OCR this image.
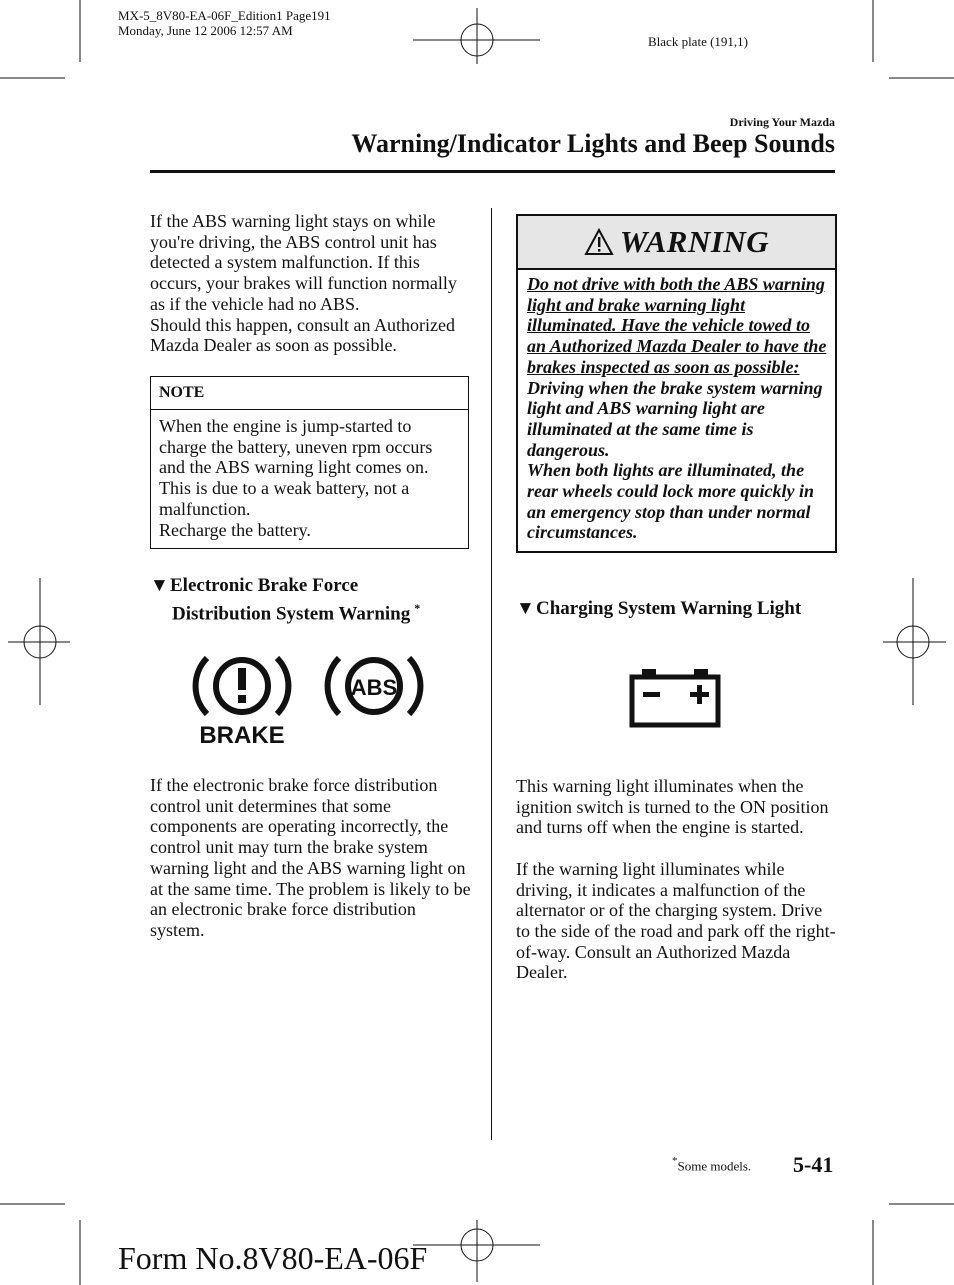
MX-5_8V80-EA-06F_Edition1 Page191
Monday, June 12 2006 12:57 AM
Black plate (191,1)
Driving Your Mazda
Warning/Indicator Lights and Beep Sounds

If the ABS warning light stays on while you're driving, the ABS control unit has detected a system malfunction. If this occurs, your brakes will function normally as if the vehicle had no ABS.

Should this happen, consult an Authorized Mazda Dealer as soon as possible.

NOTE
When the engine is jump-started to charge the battery, uneven rpm occurs and the ABS warning light comes on. This is due to a weak battery, not a malfunction.
Recharge the battery.
▼Electronic Brake Force
Distribution System Warning *
BRAKE
ABS

If the electronic brake force distribution control unit determines that some components are operating incorrectly, the control unit may turn the brake system warning light and the ABS warning light on at the same time. The problem is likely to be an electronic brake force distribution system.

WARNING
Do not drive with both the ABS warning light and brake warning light illuminated. Have the vehicle towed to an Authorized Mazda Dealer to have the brakes inspected as soon as possible:
Driving when the brake system warning light and ABS warning light are illuminated at the same time is dangerous.
When both lights are illuminated, the rear wheels could lock more quickly in an emergency stop than under normal circumstances.
▼Charging System Warning Light

This warning light illuminates when the ignition switch is turned to the ON position and turns off when the engine is started.

If the warning light illuminates while driving, it indicates a malfunction of the alternator or of the charging system. Drive to the side of the road and park off the right-of-way. Consult an Authorized Mazda Dealer.

*Some models. 5-41
Form No.8V80-EA-06F
